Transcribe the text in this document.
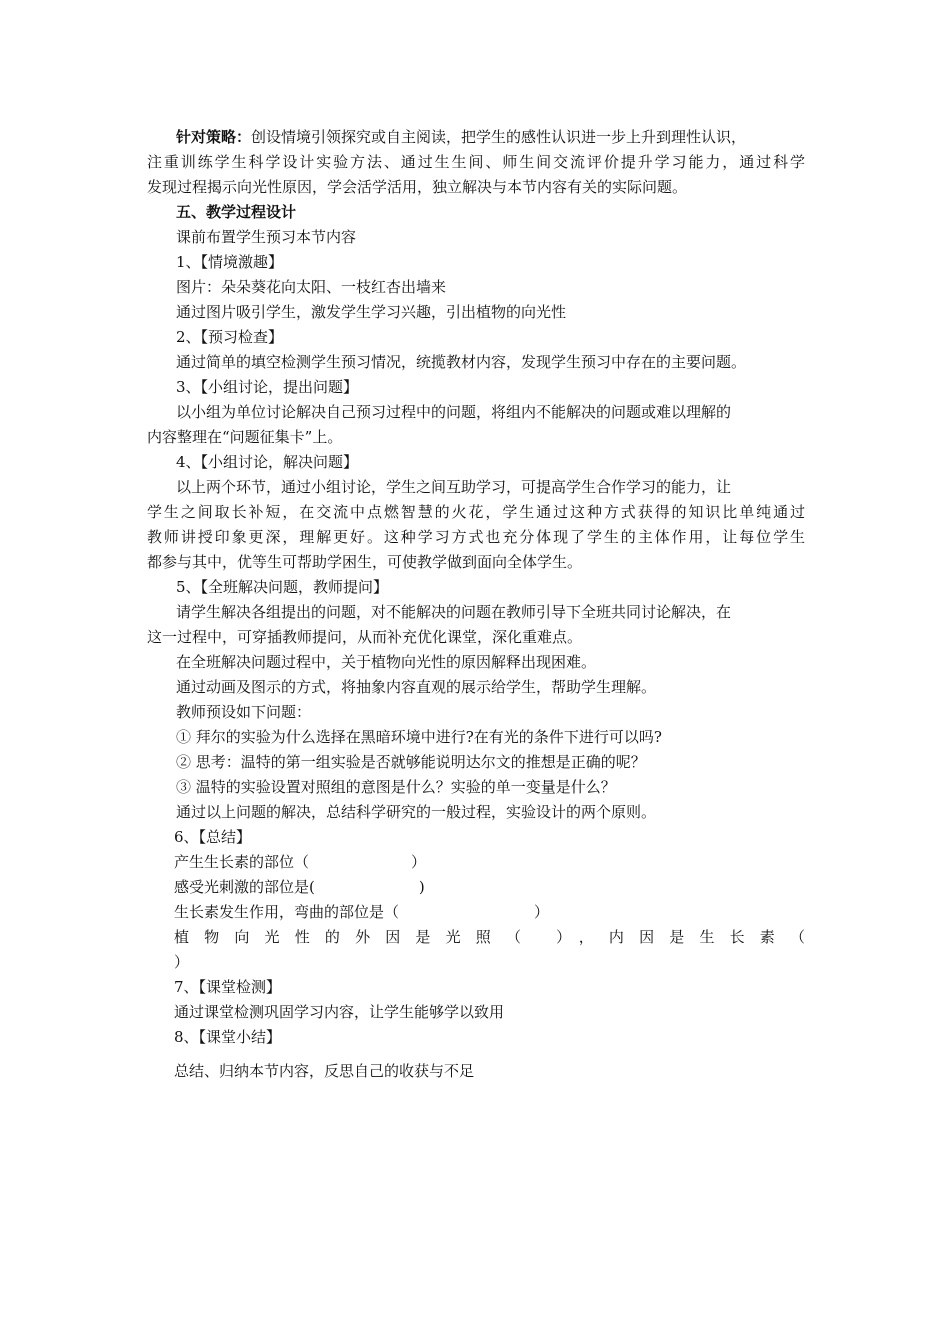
针对策略：创设情境引领探究或自主阅读，把学生的感性认识进一步上升到理性认识，
注重训练学生科学设计实验方法、通过生生间、师生间交流评价提升学习能力，通过科学
发现过程揭示向光性原因，学会活学活用，独立解决与本节内容有关的实际问题。
五、教学过程设计
课前布置学生预习本节内容
1、【情境激趣】
图片：朵朵葵花向太阳、一枝红杏出墙来
通过图片吸引学生，激发学生学习兴趣，引出植物的向光性
2、【预习检查】
通过简单的填空检测学生预习情况，统揽教材内容，发现学生预习中存在的主要问题。
3、【小组讨论，提出问题】
以小组为单位讨论解决自己预习过程中的问题，将组内不能解决的问题或难以理解的
内容整理在“问题征集卡”上。
4、【小组讨论，解决问题】
以上两个环节，通过小组讨论，学生之间互助学习，可提高学生合作学习的能力，让
学生之间取长补短，在交流中点燃智慧的火花，学生通过这种方式获得的知识比单纯通过
教师讲授印象更深，理解更好。这种学习方式也充分体现了学生的主体作用，让每位学生
都参与其中，优等生可帮助学困生，可使教学做到面向全体学生。
5、【全班解决问题，教师提问】
请学生解决各组提出的问题，对不能解决的问题在教师引导下全班共同讨论解决，在
这一过程中，可穿插教师提问，从而补充优化课堂，深化重难点。
在全班解决问题过程中，关于植物向光性的原因解释出现困难。
通过动画及图示的方式，将抽象内容直观的展示给学生，帮助学生理解。
教师预设如下问题：
① 拜尔的实验为什么选择在黑暗环境中进行?在有光的条件下进行可以吗?
② 思考：温特的第一组实验是否就够能说明达尔文的推想是正确的呢？
③ 温特的实验设置对照组的意图是什么？实验的单一变量是什么？
通过以上问题的解决，总结科学研究的一般过程，实验设计的两个原则。
6、【总结】
产生生长素的部位（	）
感受光刺激的部位是(	)
生长素发生作用，弯曲的部位是（	）
植物向光性的外因是光照（ ），内因是生长素（
）
7、【课堂检测】
通过课堂检测巩固学习内容，让学生能够学以致用
8、【课堂小结】
总结、归纳本节内容，反思自己的收获与不足
